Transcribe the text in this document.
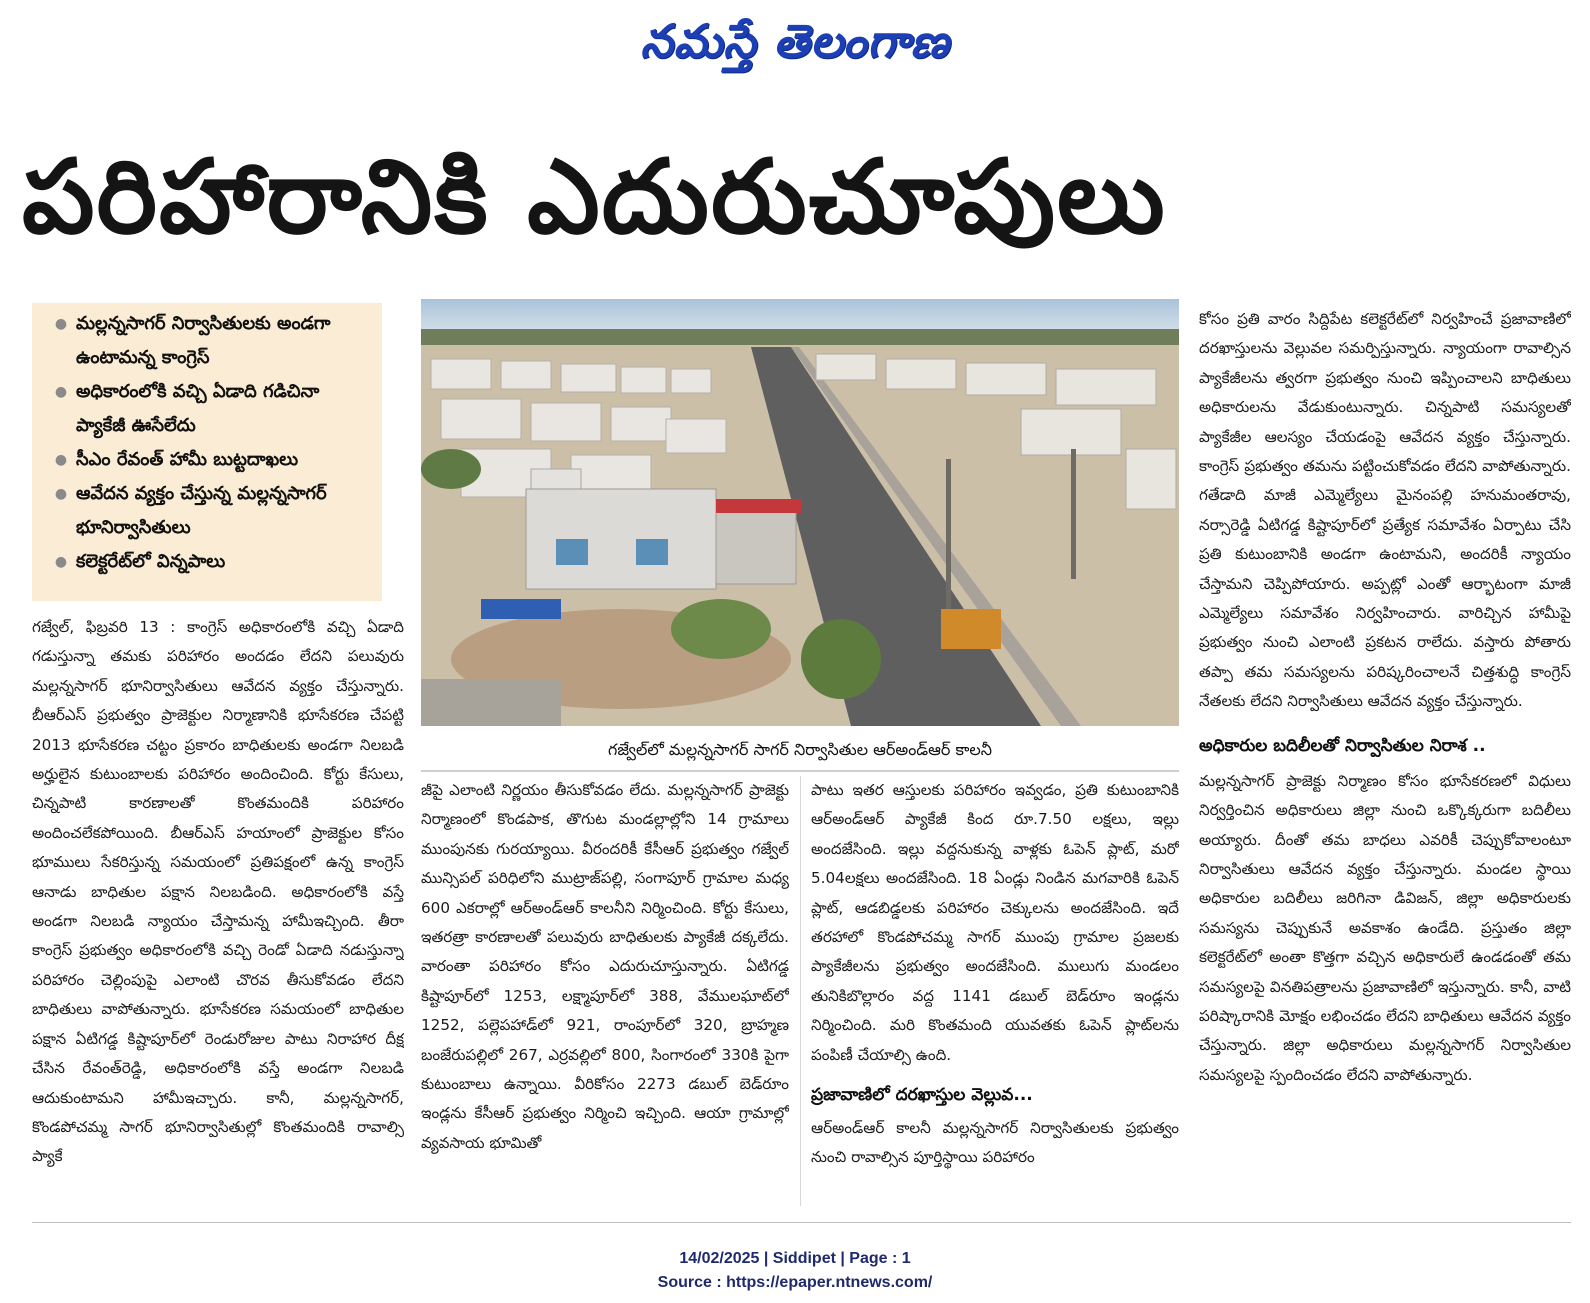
నమస్తే తెలంగాణ
పరిహారానికి ఎదురుచూపులు
● మల్లన్నసాగర్ నిర్వాసితులకు అండగా ఉంటామన్న కాంగ్రెస్
● అధికారంలోకి వచ్చి ఏడాది గడిచినా ప్యాకేజీ ఊసేలేదు
● సీఎం రేవంత్ హామీ బుట్టదాఖలు
● ఆవేదన వ్యక్తం చేస్తున్న మల్లన్నసాగర్ భూనిర్వాసితులు
● కలెక్టరేట్‌లో విన్నపాలు

గజ్వేల్, ఫిబ్రవరి 13 : కాంగ్రెస్ అధికారంలోకి వచ్చి ఏడాది గడుస్తున్నా తమకు పరిహారం అందడం లేదని పలువురు మల్లన్నసాగర్ భూనిర్వాసితులు ఆవేదన వ్యక్తం చేస్తున్నారు. బీఆర్ఎస్ ప్రభుత్వం ప్రాజెక్టుల నిర్మాణానికి భూసేకరణ చేపట్టి 2013 భూసేకరణ చట్టం ప్రకారం బాధితులకు అండగా నిలబడి అర్హులైన కుటుంబాలకు పరిహారం అందించింది. కోర్టు కేసులు, చిన్నపాటి కారణాలతో కొంతమందికి పరిహారం అందించలేకపోయింది. బీఆర్ఎస్ హయాంలో ప్రాజెక్టుల కోసం భూములు సేకరిస్తున్న సమయంలో ప్రతిపక్షంలో ఉన్న కాంగ్రెస్ ఆనాడు బాధితుల పక్షాన నిలబడింది. అధికారంలోకి వస్తే అండగా నిలబడి న్యాయం చేస్తామన్న హామీఇచ్చింది. తీరా కాంగ్రెస్ ప్రభుత్వం అధికారంలోకి వచ్చి రెండో ఏడాది నడుస్తున్నా పరిహారం చెల్లింపుపై ఎలాంటి చొరవ తీసుకోవడం లేదని బాధితులు వాపోతున్నారు. భూసేకరణ సమయంలో బాధితుల పక్షాన ఏటిగడ్డ కిష్టాపూర్‌లో రెండురోజుల పాటు నిరాహార దీక్ష చేసిన రేవంత్‌రెడ్డి, అధికారంలోకి వస్తే అండగా నిలబడి ఆదుకుంటామని హామీఇచ్చారు. కానీ, మల్లన్నసాగర్, కొండపోచమ్మ సాగర్ భూనిర్వాసితుల్లో కొంతమందికి రావాల్సి ప్యాకే

గజ్వేల్‌లో మల్లన్నసాగర్ సాగర్ నిర్వాసితుల ఆర్అండ్ఆర్ కాలనీ

జీపై ఎలాంటి నిర్ణయం తీసుకోవడం లేదు. మల్లన్నసాగర్ ప్రాజెక్టు నిర్మాణంలో కొండపాక, తొగుట మండల్లాల్లోని 14 గ్రామాలు ముంపునకు గురయ్యాయి. వీరందరికీ కేసీఆర్ ప్రభుత్వం గజ్వేల్ మున్సిపల్ పరిధిలోని ముట్రాజ్‌పల్లి, సంగాపూర్ గ్రామాల మధ్య 600 ఎకరాల్లో ఆర్అండ్ఆర్ కాలనీని నిర్మించింది. కోర్టు కేసులు, ఇతరత్రా కారణాలతో పలువురు బాధితులకు ప్యాకేజీ దక్కలేదు. వారంతా పరిహారం కోసం ఎదురుచూస్తున్నారు. ఏటిగడ్డ కిష్టాపూర్‌లో 1253, లక్ష్మాపూర్‌లో 388, వేములఘాట్‌లో 1252, పల్లెపహాడ్‌లో 921, రాంపూర్‌లో 320, బ్రాహ్మణ బంజేరుపల్లిలో 267, ఎర్రవల్లిలో 800, సింగారంలో 330కి పైగా కుటుంబాలు ఉన్నాయి. వీరికోసం 2273 డబుల్ బెడ్‌రూం ఇండ్లను కేసీఆర్ ప్రభుత్వం నిర్మించి ఇచ్చింది. ఆయా గ్రామాల్లో వ్యవసాయ భూమితో

పాటు ఇతర ఆస్తులకు పరిహారం ఇవ్వడం, ప్రతి కుటుంబానికి ఆర్అండ్ఆర్ ప్యాకేజీ కింద రూ.7.50 లక్షలు, ఇల్లు అందజేసింది. ఇల్లు వద్దనుకున్న వాళ్లకు ఓపెన్ ప్లాట్, మరో 5.04లక్షలు అందజేసింది. 18 ఏండ్లు నిండిన మగవారికి ఓపెన్ ప్లాట్, ఆడబిడ్డలకు పరిహారం చెక్కులను అందజేసింది. ఇదే తరహాలో కొండపోచమ్మ సాగర్ ముంపు గ్రామాల ప్రజలకు ప్యాకేజీలను ప్రభుత్వం అందజేసింది. ములుగు మండలం తునికిబొల్లారం వద్ద 1141 డబుల్ బెడ్‌రూం ఇండ్లను నిర్మించింది. మరి కొంతమంది యువతకు ఓపెన్ ప్లాట్‌లను పంపిణీ చేయాల్సి ఉంది.

ప్రజావాణిలో దరఖాస్తుల వెల్లువ...

ఆర్అండ్ఆర్ కాలనీ మల్లన్నసాగర్ నిర్వాసితులకు ప్రభుత్వం నుంచి రావాల్సిన పూర్తిస్థాయి పరిహారం

కోసం ప్రతి వారం సిద్దిపేట కలెక్టరేట్‌లో నిర్వహించే ప్రజావాణిలో దరఖాస్తులను వెల్లువల సమర్పిస్తున్నారు. న్యాయంగా రావాల్సిన ప్యాకేజీలను త్వరగా ప్రభుత్వం నుంచి ఇప్పించాలని బాధితులు అధికారులను వేడుకుంటున్నారు. చిన్నపాటి సమస్యలతో ప్యాకేజీల ఆలస్యం చేయడంపై ఆవేదన వ్యక్తం చేస్తున్నారు. కాంగ్రెస్ ప్రభుత్వం తమను పట్టించుకోవడం లేదని వాపోతున్నారు. గతేడాది మాజీ ఎమ్మెల్యేలు మైనంపల్లి హనుమంతరావు, నర్సారెడ్డి ఏటిగడ్డ కిష్టాపూర్‌లో ప్రత్యేక సమావేశం ఏర్పాటు చేసి ప్రతి కుటుంబానికి అండగా ఉంటామని, అందరికీ న్యాయం చేస్తామని చెప్పిపోయారు. అప్పట్లో ఎంతో ఆర్భాటంగా మాజీ ఎమ్మెల్యేలు సమావేశం నిర్వహించారు. వారిచ్చిన హామీపై ప్రభుత్వం నుంచి ఎలాంటి ప్రకటన రాలేదు. వస్తారు పోతారు తప్పా తమ సమస్యలను పరిష్కరించాలనే చిత్తశుద్ధి కాంగ్రెస్ నేతలకు లేదని నిర్వాసితులు ఆవేదన వ్యక్తం చేస్తున్నారు.

అధికారుల బదిలీలతో నిర్వాసితుల నిరాశ ..

మల్లన్నసాగర్ ప్రాజెక్టు నిర్మాణం కోసం భూసేకరణలో విధులు నిర్వర్తించిన అధికారులు జిల్లా నుంచి ఒక్కొక్కరుగా బదిలీలు అయ్యారు. దీంతో తమ బాధలు ఎవరికీ చెప్పుకోవాలంటూ నిర్వాసితులు ఆవేదన వ్యక్తం చేస్తున్నారు. మండల స్థాయి అధికారుల బదిలీలు జరిగినా డివిజన్, జిల్లా అధికారులకు సమస్యను చెప్పుకునే అవకాశం ఉండేది. ప్రస్తుతం జిల్లా కలెక్టరేట్‌లో అంతా కొత్తగా వచ్చిన అధికారులే ఉండడంతో తమ సమస్యలపై వినతిపత్రాలను ప్రజావాణిలో ఇస్తున్నారు. కానీ, వాటి పరిష్కారానికి మోక్షం లభించడం లేదని బాధితులు ఆవేదన వ్యక్తం చేస్తున్నారు. జిల్లా అధికారులు మల్లన్నసాగర్ నిర్వాసితుల సమస్యలపై స్పందించడం లేదని వాపోతున్నారు.

14/02/2025 | Siddipet | Page : 1
Source : https://epaper.ntnews.com/
